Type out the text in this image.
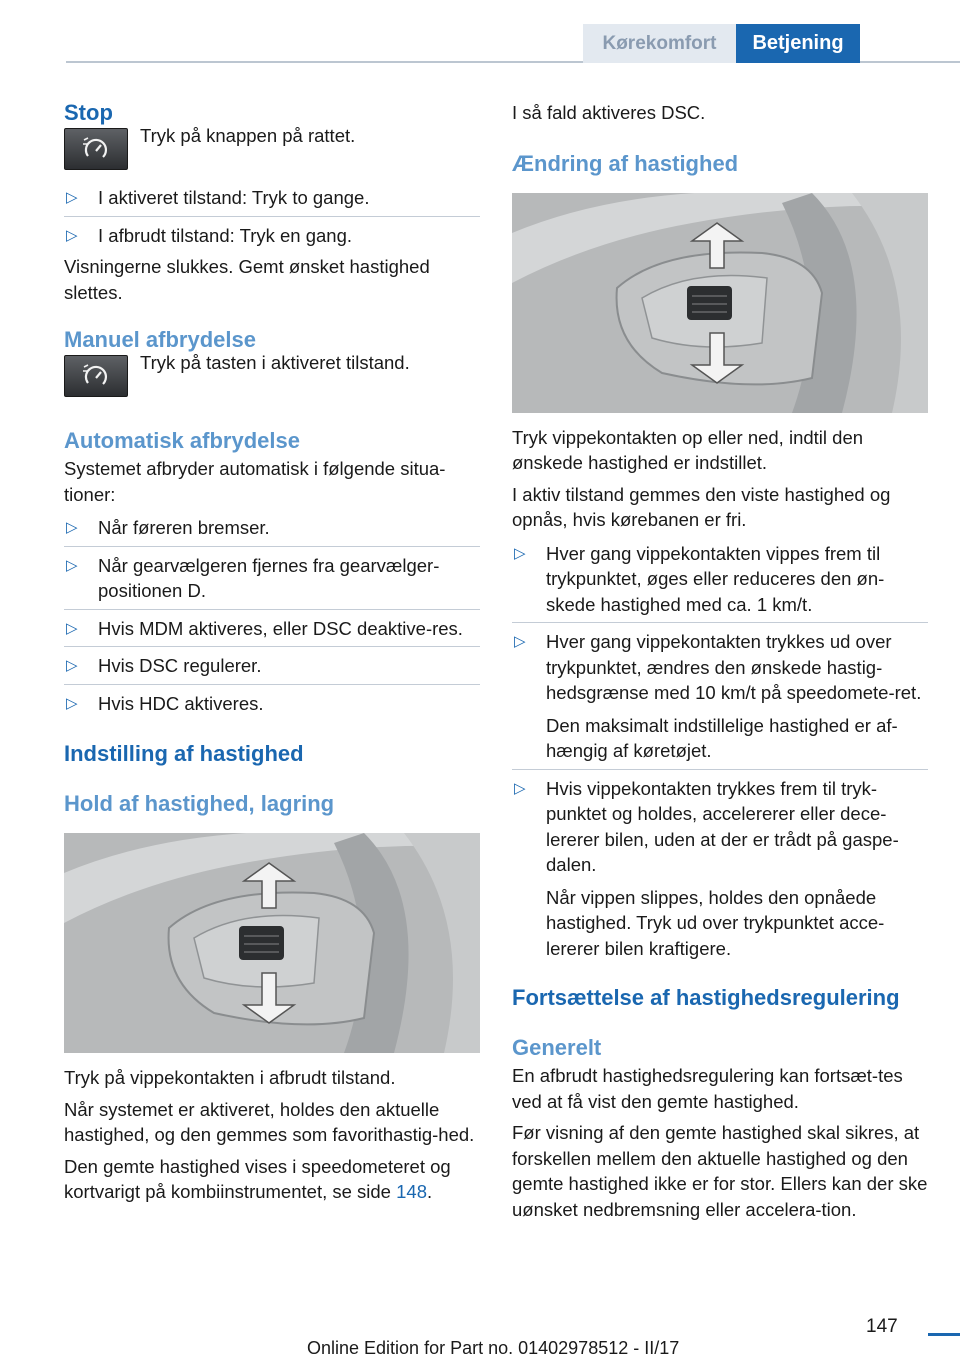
Kørekomfort	Betjening
Stop
Tryk på knappen på rattet.
▷ I aktiveret tilstand: Tryk to gange.
▷ I afbrudt tilstand: Tryk en gang.

Visningerne slukkes. Gemt ønsket hastighed slettes.

Manuel afbrydelse
Tryk på tasten i aktiveret tilstand.
Automatisk afbrydelse

Systemet afbryder automatisk i følgende situa‐tioner:

▷ Når føreren bremser.
▷ Når gearvælgeren fjernes fra gearvælger‐positionen D.
▷ Hvis MDM aktiveres, eller DSC deaktive‐res.
▷ Hvis DSC regulerer.
▷ Hvis HDC aktiveres.
Indstilling af hastighed
Hold af hastighed, lagring

Tryk på vippekontakten i afbrudt tilstand.

Når systemet er aktiveret, holdes den aktuelle hastighed, og den gemmes som favorithastig‐hed.

Den gemte hastighed vises i speedometeret og kortvarigt på kombiinstrumentet, se side 148.

I så fald aktiveres DSC.

Ændring af hastighed

Tryk vippekontakten op eller ned, indtil den ønskede hastighed er indstillet.

I aktiv tilstand gemmes den viste hastighed og opnås, hvis kørebanen er fri.

▷ Hver gang vippekontakten vippes frem til trykpunktet, øges eller reduceres den øn‐skede hastighed med ca. 1 km/t.
▷ Hver gang vippekontakten trykkes ud over trykpunktet, ændres den ønskede hastig‐hedsgrænse med 10 km/t på speedomete‐ret.
Den maksimalt indstillelige hastighed er af‐hængig af køretøjet.
▷ Hvis vippekontakten trykkes frem til tryk‐punktet og holdes, accelererer eller dece‐lererer bilen, uden at der er trådt på gaspe‐dalen.
Når vippen slippes, holdes den opnåede hastighed. Tryk ud over trykpunktet acce‐lererer bilen kraftigere.
Fortsættelse af hastighedsregulering
Generelt

En afbrudt hastighedsregulering kan fortsæt‐tes ved at få vist den gemte hastighed.

Før visning af den gemte hastighed skal sikres, at forskellen mellem den aktuelle hastighed og den gemte hastighed ikke er for stor. Ellers kan der ske uønsket nedbremsning eller accelera‐tion.

147
Online Edition for Part no. 01402978512 - II/17
